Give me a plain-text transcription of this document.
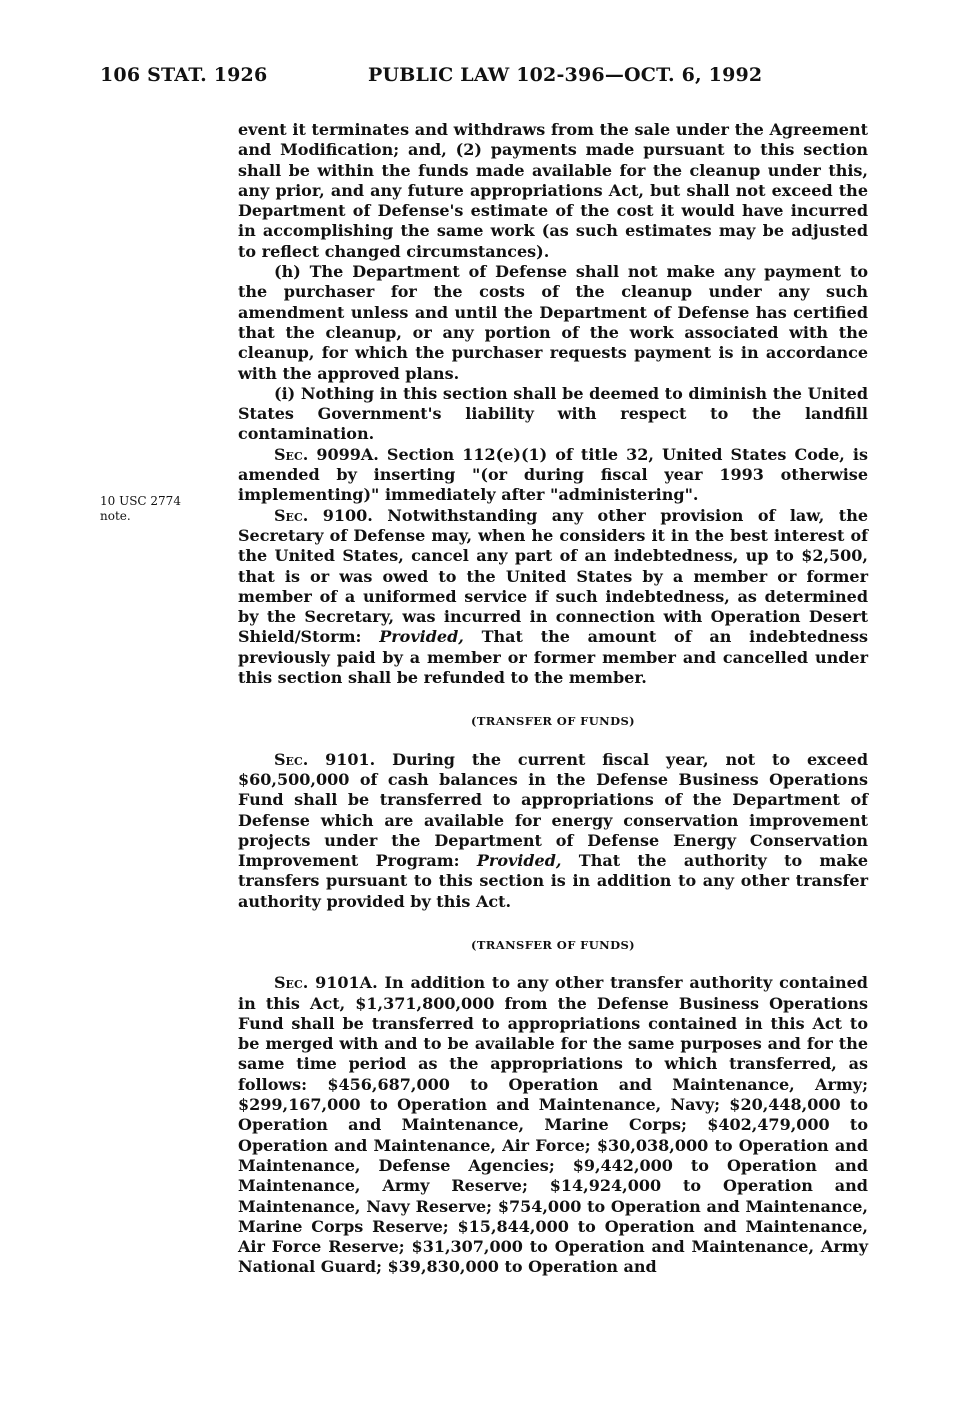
106 STAT. 1926	PUBLIC LAW 102-396—OCT. 6, 1992
10 USC 2774
note.

event it terminates and withdraws from the sale under the Agreement and Modification; and, (2) payments made pursuant to this section shall be within the funds made available for the cleanup under this, any prior, and any future appropriations Act, but shall not exceed the Department of Defense's estimate of the cost it would have incurred in accomplishing the same work (as such estimates may be adjusted to reflect changed circumstances).

(h) The Department of Defense shall not make any payment to the purchaser for the costs of the cleanup under any such amendment unless and until the Department of Defense has certified that the cleanup, or any portion of the work associated with the cleanup, for which the purchaser requests payment is in accordance with the approved plans.

(i) Nothing in this section shall be deemed to diminish the United States Government's liability with respect to the landfill contamination.

Sec. 9099A. Section 112(e)(1) of title 32, United States Code, is amended by inserting "(or during fiscal year 1993 otherwise implementing)" immediately after "administering".

Sec. 9100. Notwithstanding any other provision of law, the Secretary of Defense may, when he considers it in the best interest of the United States, cancel any part of an indebtedness, up to $2,500, that is or was owed to the United States by a member or former member of a uniformed service if such indebtedness, as determined by the Secretary, was incurred in connection with Operation Desert Shield/Storm: Provided, That the amount of an indebtedness previously paid by a member or former member and cancelled under this section shall be refunded to the member.

(TRANSFER OF FUNDS)

Sec. 9101. During the current fiscal year, not to exceed $60,500,000 of cash balances in the Defense Business Operations Fund shall be transferred to appropriations of the Department of Defense which are available for energy conservation improvement projects under the Department of Defense Energy Conservation Improvement Program: Provided, That the authority to make transfers pursuant to this section is in addition to any other transfer authority provided by this Act.

(TRANSFER OF FUNDS)

Sec. 9101A. In addition to any other transfer authority contained in this Act, $1,371,800,000 from the Defense Business Operations Fund shall be transferred to appropriations contained in this Act to be merged with and to be available for the same purposes and for the same time period as the appropriations to which transferred, as follows: $456,687,000 to Operation and Maintenance, Army; $299,167,000 to Operation and Maintenance, Navy; $20,448,000 to Operation and Maintenance, Marine Corps; $402,479,000 to Operation and Maintenance, Air Force; $30,038,000 to Operation and Maintenance, Defense Agencies; $9,442,000 to Operation and Maintenance, Army Reserve; $14,924,000 to Operation and Maintenance, Navy Reserve; $754,000 to Operation and Maintenance, Marine Corps Reserve; $15,844,000 to Operation and Maintenance, Air Force Reserve; $31,307,000 to Operation and Maintenance, Army National Guard; $39,830,000 to Operation and
